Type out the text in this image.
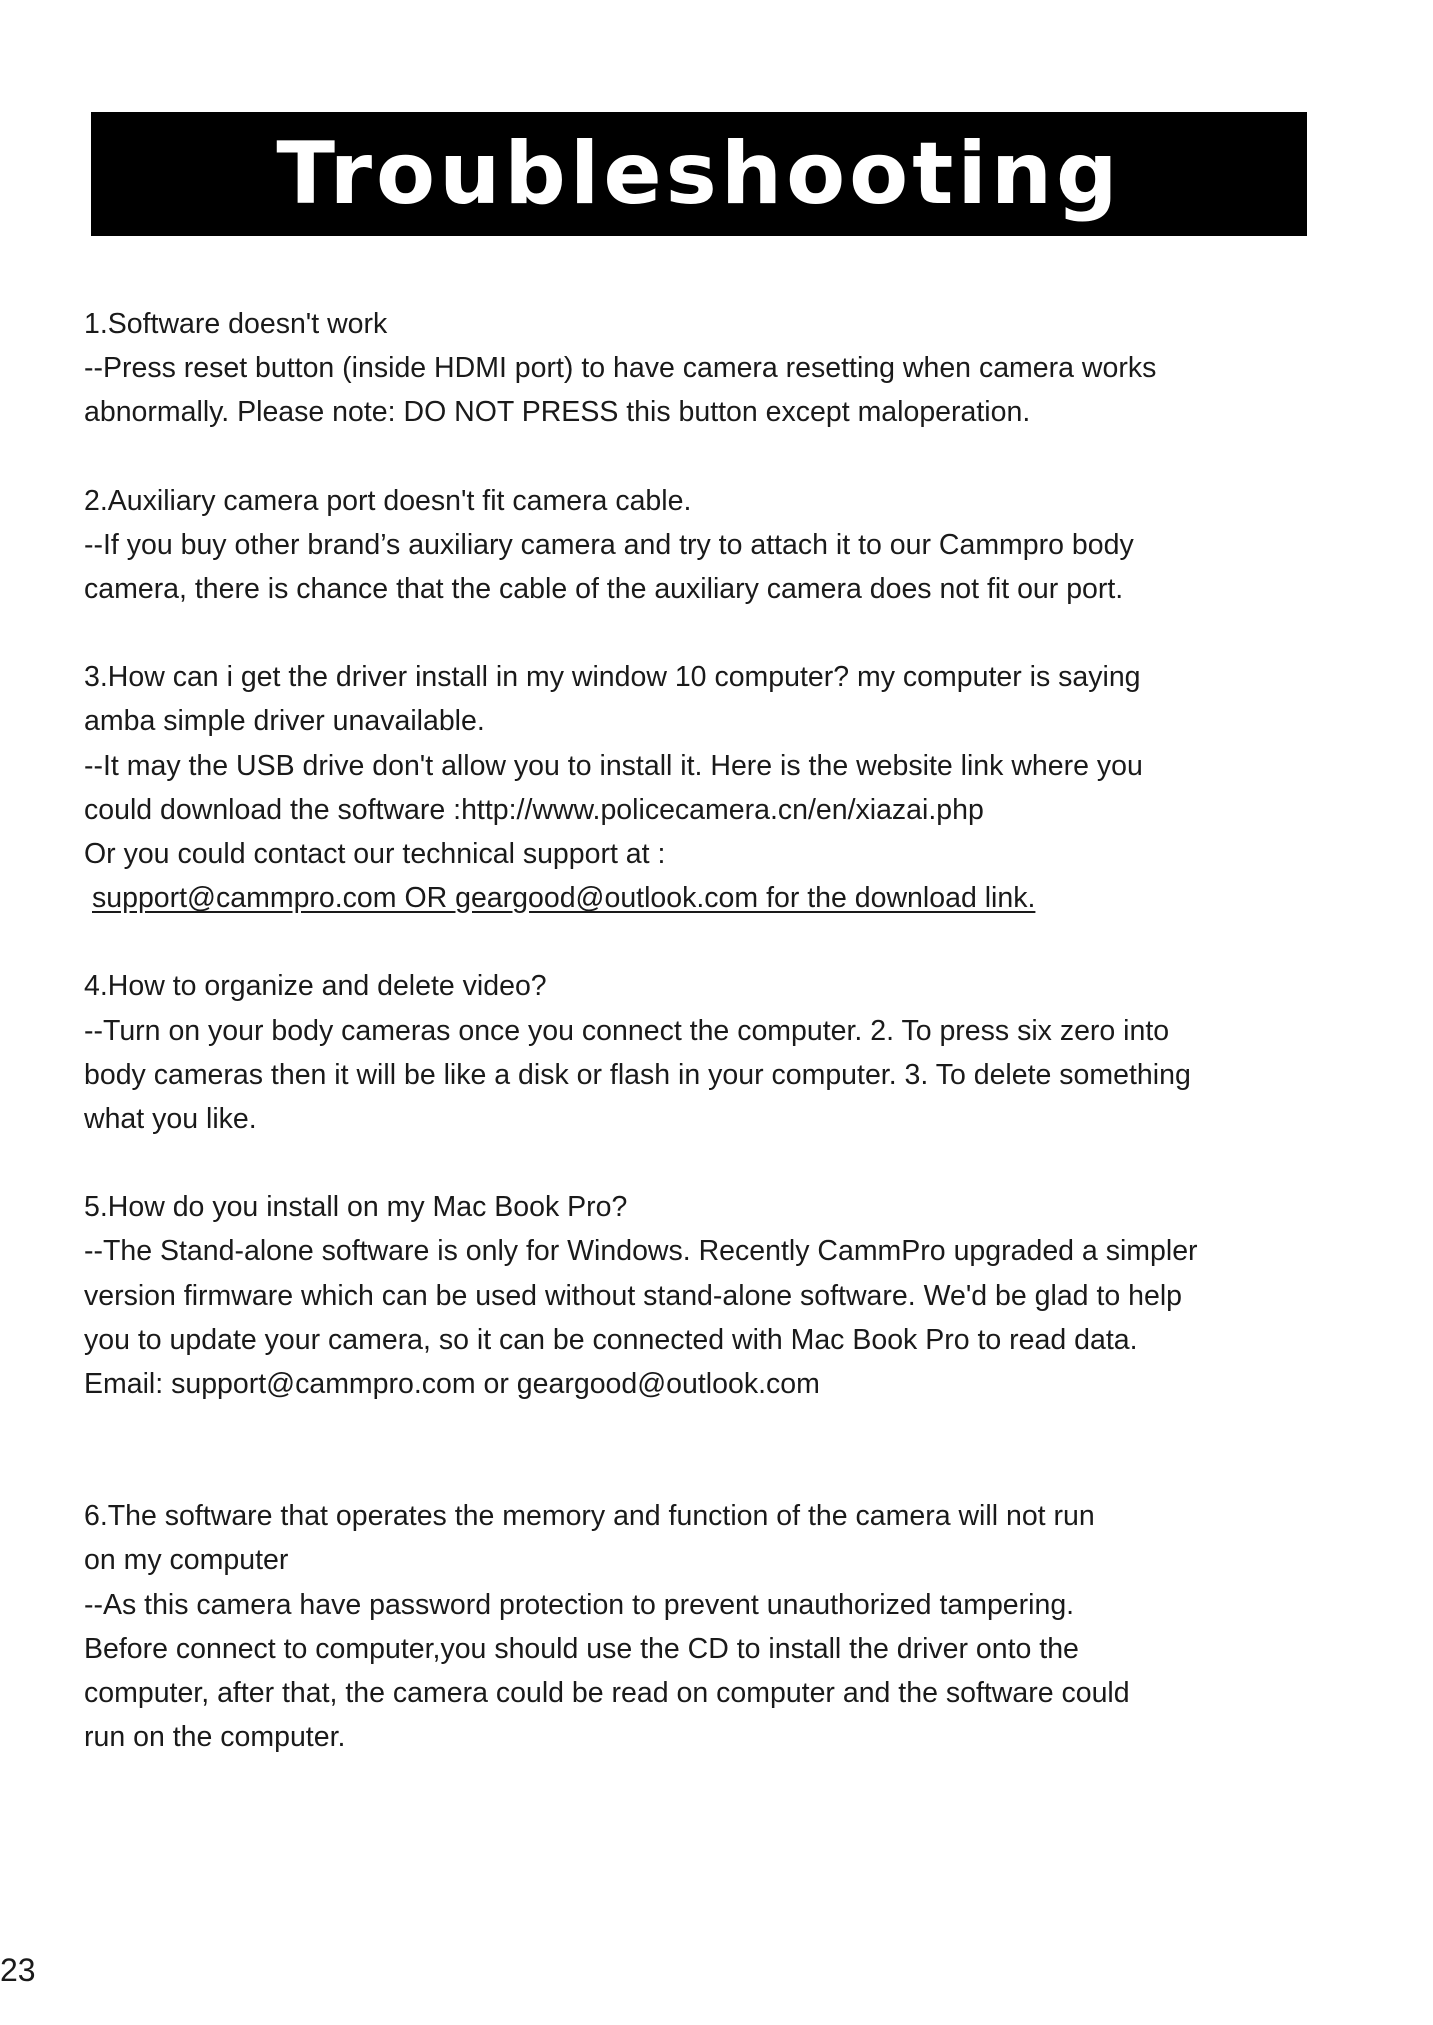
Troubleshooting

1.Software doesn't work

--Press reset button (inside HDMI port) to have camera resetting when camera works

abnormally. Please note: DO NOT PRESS this button except maloperation.

2.Auxiliary camera port doesn't fit camera cable.

--If you buy other brand’s auxiliary camera and try to attach it to our Cammpro body

camera, there is chance that the cable of the auxiliary camera does not fit our port.

3.How can i get the driver install in my window 10 computer? my computer is saying

amba simple driver unavailable.

--It may the USB drive don't allow you to install it. Here is the website link where you

could download the software :http://www.policecamera.cn/en/xiazai.php

Or you could contact our technical support at :

support@cammpro.com OR geargood@outlook.com for the download link.

4.How to organize and delete video?

--Turn on your body cameras once you connect the computer. 2. To press six zero into

body cameras then it will be like a disk or flash in your computer. 3. To delete something

what you like.

5.How do you install on my Mac Book Pro?

--The Stand-alone software is only for Windows. Recently CammPro upgraded a simpler

version firmware which can be used without stand-alone software. We'd be glad to help

you to update your camera, so it can be connected with Mac Book Pro to read data.

Email: support@cammpro.com or geargood@outlook.com

6.The software that operates the memory and function of the camera will not run

on my computer

--As this camera have password protection to prevent unauthorized tampering.

Before connect to computer,you should use the CD to install the driver onto the

computer, after that, the camera could be read on computer and the software could

run on the computer.

23
